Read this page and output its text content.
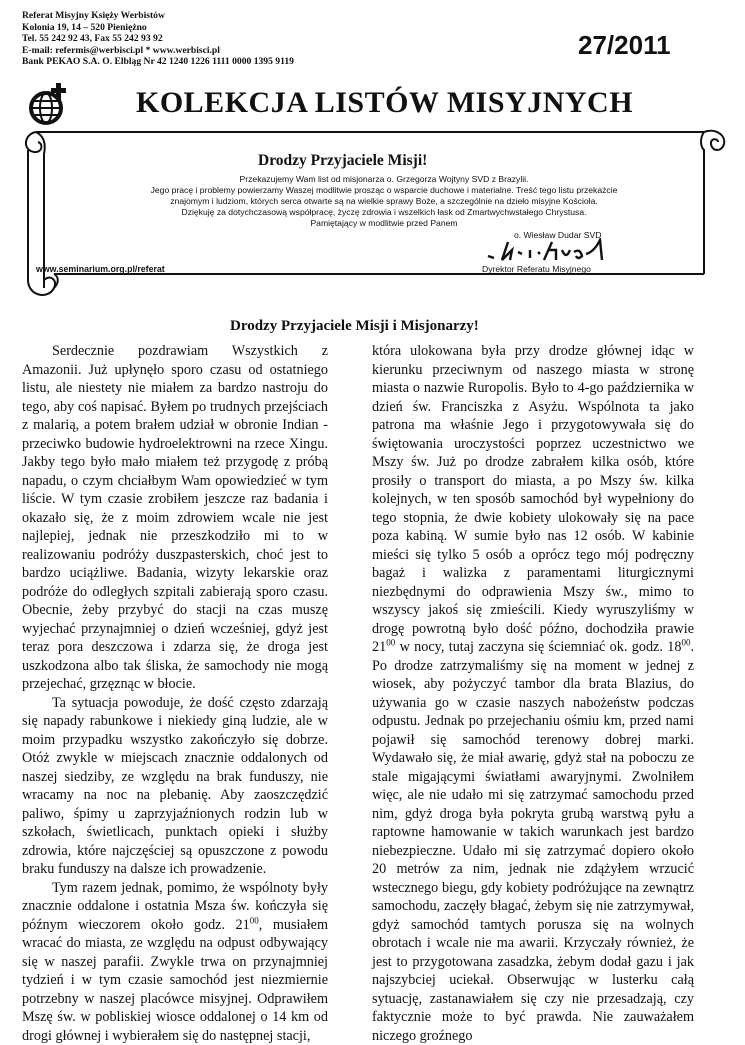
Referat Misyjny Księży Werbistów
Kolonia 19, 14 – 520 Pieniężno
Tel. 55 242 92 43, Fax 55 242 93 92
E-mail: refermis@werbisci.pl * www.werbisci.pl
Bank PEKAO S.A. O. Elbląg Nr 42 1240 1226 1111 0000 1395 9119
27/2011
KOLEKCJA LISTÓW MISYJNYCH
Drodzy Przyjaciele Misji!

Przekazujemy Wam list od misjonarza o. Grzegorza Wojtyny SVD z Brazylii.

Jego pracę i problemy powierzamy Waszej modlitwie prosząc o wsparcie duchowe i materialne. Treść tego listu przekażcie

znajomym i ludziom, których serca otwarte są na wielkie sprawy Boże, a szczególnie na dzieło misyjne Kościoła.

Dziękuję za dotychczasową współpracę, życzę zdrowia i wszelkich łask od Zmartwychwstałego Chrystusa.

Pamiętający w modlitwie przed Panem

o. Wiesław Dudar SVD
Dyrektor Referatu Misyjnego
www.seminarium.org.pl/referat
Drodzy Przyjaciele Misji i Misjonarzy!

Serdecznie pozdrawiam Wszystkich z Amazonii. Już upłynęło sporo czasu od ostatniego listu, ale niestety nie miałem za bardzo nastroju do tego, aby coś napisać. Byłem po trudnych przejściach z malarią, a potem brałem udział w obronie Indian - przeciwko budowie hydroelektrowni na rzece Xingu. Jakby tego było mało miałem też przygodę z próbą napadu, o czym chciałbym Wam opowiedzieć w tym liście. W tym czasie zrobiłem jeszcze raz badania i okazało się, że z moim zdrowiem wcale nie jest najlepiej, jednak nie przeszkodziło mi to w realizowaniu podróży duszpasterskich, choć jest to bardzo uciążliwe. Badania, wizyty lekarskie oraz podróże do odległych szpitali zabierają sporo czasu. Obecnie, żeby przybyć do stacji na czas muszę wyjechać przynajmniej o dzień wcześniej, gdyż jest teraz pora deszczowa i zdarza się, że droga jest uszkodzona albo tak śliska, że samochody nie mogą przejechać, grzęznąc w błocie.

Ta sytuacja powoduje, że dość często zdarzają się napady rabunkowe i niekiedy giną ludzie, ale w moim przypadku wszystko zakończyło się dobrze. Otóż zwykle w miejscach znacznie oddalonych od naszej siedziby, ze względu na brak funduszy, nie wracamy na noc na plebanię. Aby zaoszczędzić paliwo, śpimy u zaprzyjaźnionych rodzin lub w szkołach, świetlicach, punktach opieki i służby zdrowia, które najczęściej są opuszczone z powodu braku funduszy na dalsze ich prowadzenie.

Tym razem jednak, pomimo, że wspólnoty były znacznie oddalone i ostatnia Msza św. kończyła się późnym wieczorem około godz. $21^{00}$, musiałem wracać do miasta, ze względu na odpust odbywający się w naszej parafii. Zwykle trwa on przynajmniej tydzień i w tym czasie samochód jest niezmiernie potrzebny w naszej placówce misyjnej. Odprawiłem Mszę św. w pobliskiej wiosce oddalonej o 14 km od drogi głównej i wybierałem się do następnej stacji,

która ulokowana była przy drodze głównej idąc w kierunku przeciwnym od naszego miasta w stronę miasta o nazwie Ruropolis. Było to 4-go października w dzień św. Franciszka z Asyżu. Wspólnota ta jako patrona ma właśnie Jego i przygotowywała się do świętowania uroczystości poprzez uczestnictwo we Mszy św. Już po drodze zabrałem kilka osób, które prosiły o transport do miasta, a po Mszy św. kilka kolejnych, w ten sposób samochód był wypełniony do tego stopnia, że dwie kobiety ulokowały się na pace poza kabiną. W sumie było nas 12 osób. W kabinie mieści się tylko 5 osób a oprócz tego mój podręczny bagaż i walizka z paramentami liturgicznymi niezbędnymi do odprawienia Mszy św., mimo to wszyscy jakoś się zmieścili. Kiedy wyruszyliśmy w drogę powrotną było dość późno, dochodziła prawie $21^{00}$ w nocy, tutaj zaczyna się ściemniać ok. godz. $18^{00}$. Po drodze zatrzymaliśmy się na moment w jednej z wiosek, aby pożyczyć tambor dla brata Blazius, do używania go w czasie naszych nabożeństw podczas odpustu. Jednak po przejechaniu ośmiu km, przed nami pojawił się samochód terenowy dobrej marki. Wydawało się, że miał awarię, gdyż stał na poboczu ze stale migającymi światłami awaryjnymi. Zwolniłem więc, ale nie udało mi się zatrzymać samochodu przed nim, gdyż droga była pokryta grubą warstwą pyłu a raptowne hamowanie w takich warunkach jest bardzo niebezpieczne. Udało mi się zatrzymać dopiero około 20 metrów za nim, jednak nie zdążyłem wrzucić wstecznego biegu, gdy kobiety podróżujące na zewnątrz samochodu, zaczęły błagać, żebym się nie zatrzymywał, gdyż samochód tamtych porusza się na wolnych obrotach i wcale nie ma awarii. Krzyczały również, że jest to przygotowana zasadzka, żebym dodał gazu i jak najszybciej uciekał. Obserwując w lusterku całą sytuację, zastanawiałem się czy nie przesadzają, czy faktycznie może to być prawda. Nie zauważałem niczego groźnego
